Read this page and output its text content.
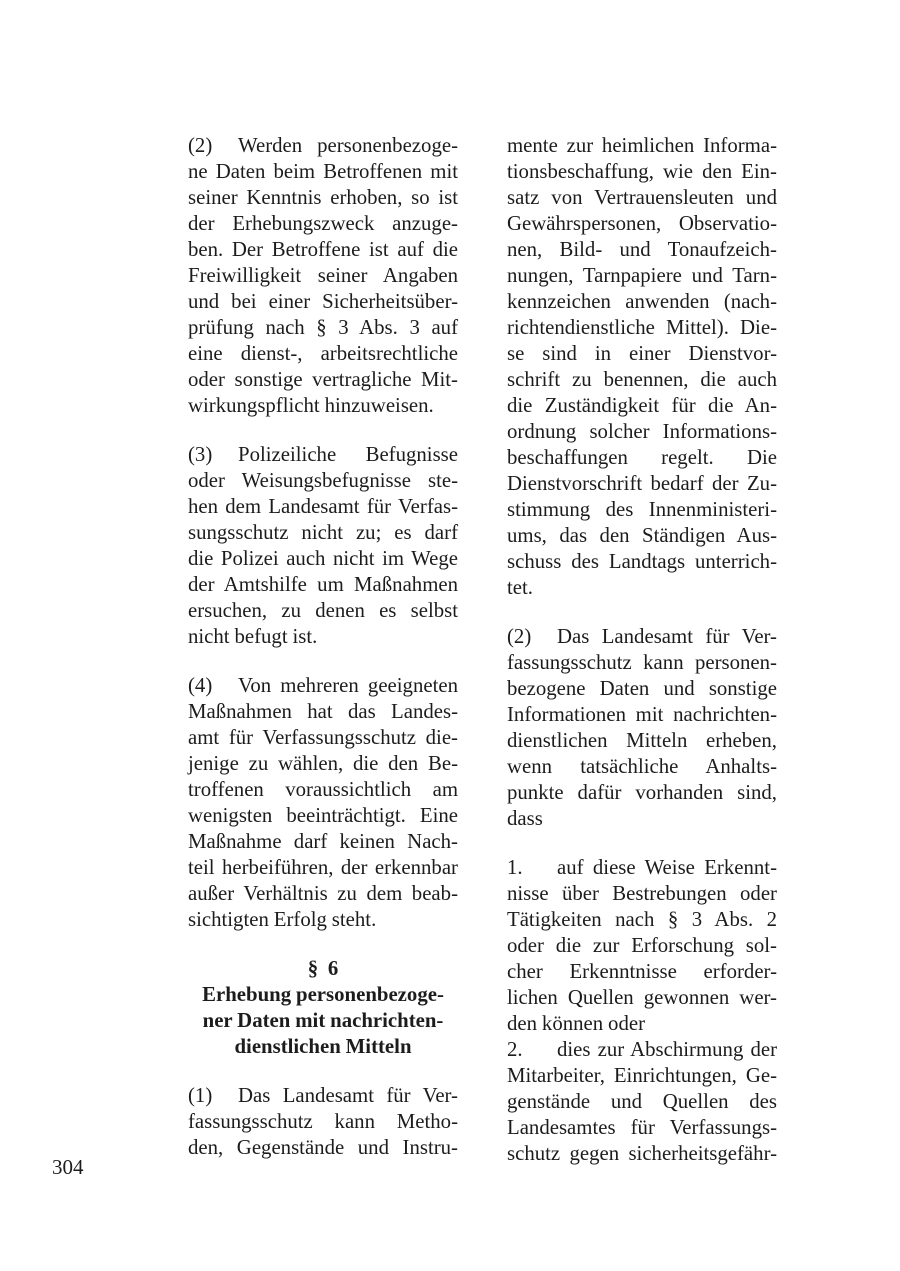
(2) Werden personenbezoge-
ne Daten beim Betroffenen mit
seiner Kenntnis erhoben, so ist
der Erhebungszweck anzuge-
ben. Der Betroffene ist auf die
Freiwilligkeit seiner Angaben
und bei einer Sicherheitsüber-
prüfung nach § 3 Abs. 3 auf
eine dienst-, arbeitsrechtliche
oder sonstige vertragliche Mit-
wirkungspflicht hinzuweisen.
(3) Polizeiliche Befugnisse
oder Weisungsbefugnisse ste-
hen dem Landesamt für Verfas-
sungsschutz nicht zu; es darf
die Polizei auch nicht im Wege
der Amtshilfe um Maßnahmen
ersuchen, zu denen es selbst
nicht befugt ist.
(4) Von mehreren geeigneten
Maßnahmen hat das Landes-
amt für Verfassungsschutz die-
jenige zu wählen, die den Be-
troffenen voraussichtlich am
wenigsten beeinträchtigt. Eine
Maßnahme darf keinen Nach-
teil herbeiführen, der erkennbar
außer Verhältnis zu dem beab-
sichtigten Erfolg steht.
§  6
Erhebung personenbezoge-
ner Daten mit nachrichten-
dienstlichen Mitteln
(1) Das Landesamt für Ver-
fassungsschutz kann Metho-
den, Gegenstände und Instru-
mente zur heimlichen Informa-
tionsbeschaffung, wie den Ein-
satz von Vertrauensleuten und
Gewährspersonen, Observatio-
nen, Bild- und Tonaufzeich-
nungen, Tarnpapiere und Tarn-
kennzeichen anwenden (nach-
richtendienstliche Mittel). Die-
se sind in einer Dienstvor-
schrift zu benennen, die auch
die Zuständigkeit für die An-
ordnung solcher Informations-
beschaffungen regelt. Die
Dienstvorschrift bedarf der Zu-
stimmung des Innenministeri-
ums, das den Ständigen Aus-
schuss des Landtags unterrich-
tet.
(2) Das Landesamt für Ver-
fassungsschutz kann personen-
bezogene Daten und sonstige
Informationen mit nachrichten-
dienstlichen Mitteln erheben,
wenn tatsächliche Anhalts-
punkte dafür vorhanden sind,
dass
1. auf diese Weise Erkennt-
nisse über Bestrebungen oder
Tätigkeiten nach § 3 Abs. 2
oder die zur Erforschung sol-
cher Erkenntnisse erforder-
lichen Quellen gewonnen wer-
den können oder
2. dies zur Abschirmung der
Mitarbeiter, Einrichtungen, Ge-
genstände und Quellen des
Landesamtes für Verfassungs-
schutz gegen sicherheitsgefähr-
304
